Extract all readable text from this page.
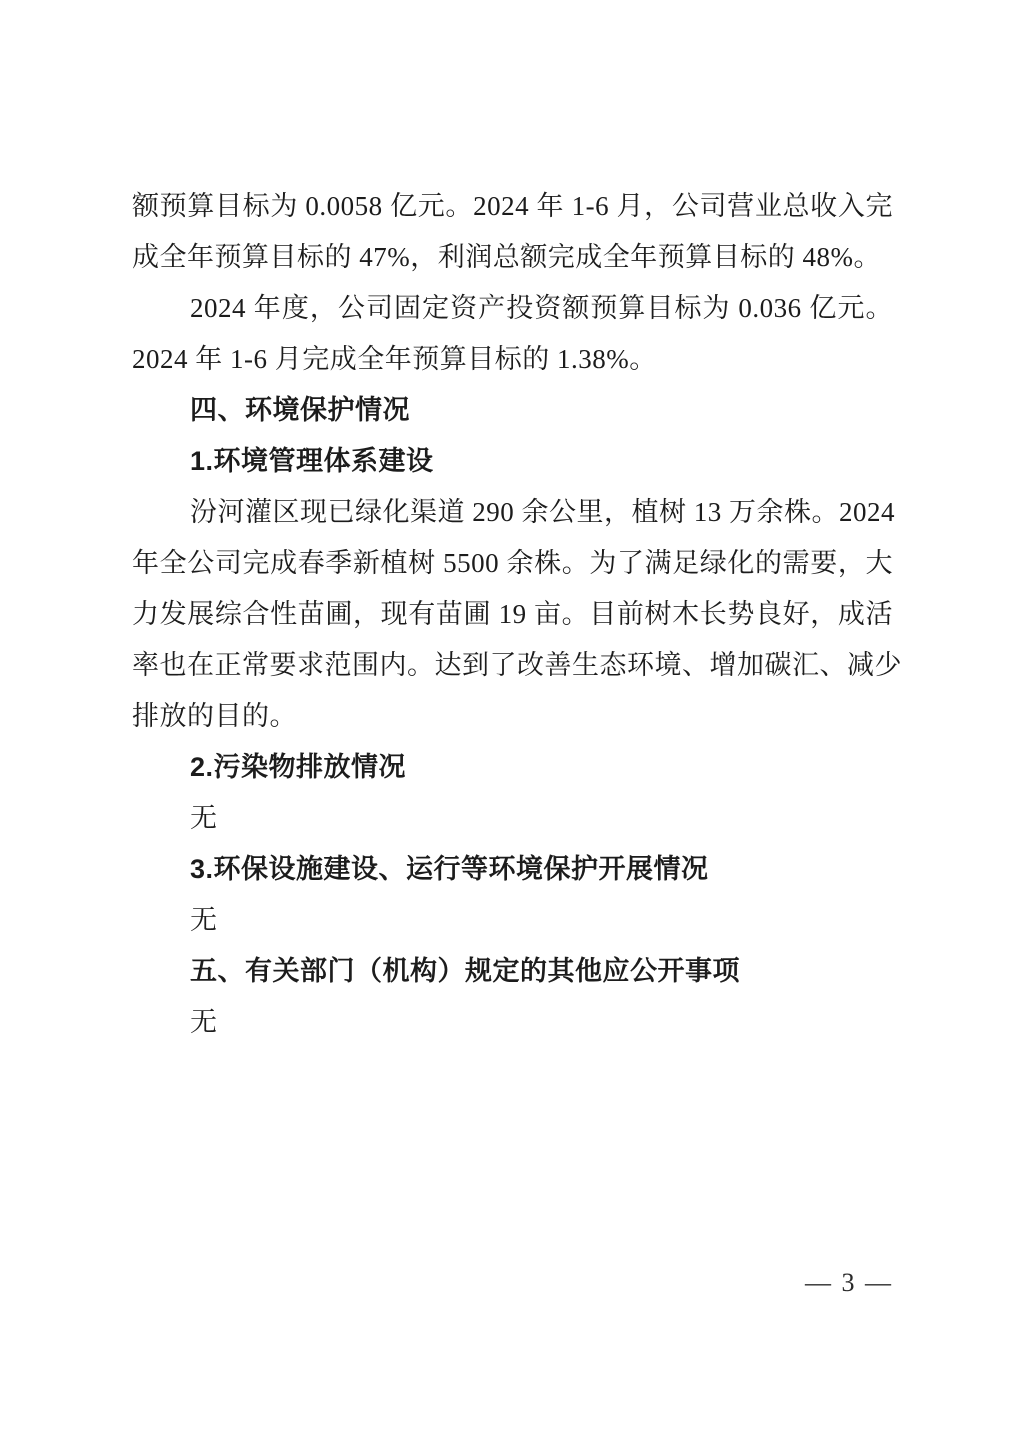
额预算目标为 0.0058 亿元。2024 年 1-6 月，公司营业总收入完
成全年预算目标的 47%，利润总额完成全年预算目标的 48%。
2024 年度，公司固定资产投资额预算目标为 0.036 亿元。
2024 年 1-6 月完成全年预算目标的 1.38%。
四、环境保护情况
1.环境管理体系建设
汾河灌区现已绿化渠道 290 余公里，植树 13 万余株。2024
年全公司完成春季新植树 5500 余株。为了满足绿化的需要，大
力发展综合性苗圃，现有苗圃 19 亩。目前树木长势良好，成活
率也在正常要求范围内。达到了改善生态环境、增加碳汇、减少
排放的目的。
2.污染物排放情况
无
3.环保设施建设、运行等环境保护开展情况
无
五、有关部门（机构）规定的其他应公开事项
无
— 3 —
